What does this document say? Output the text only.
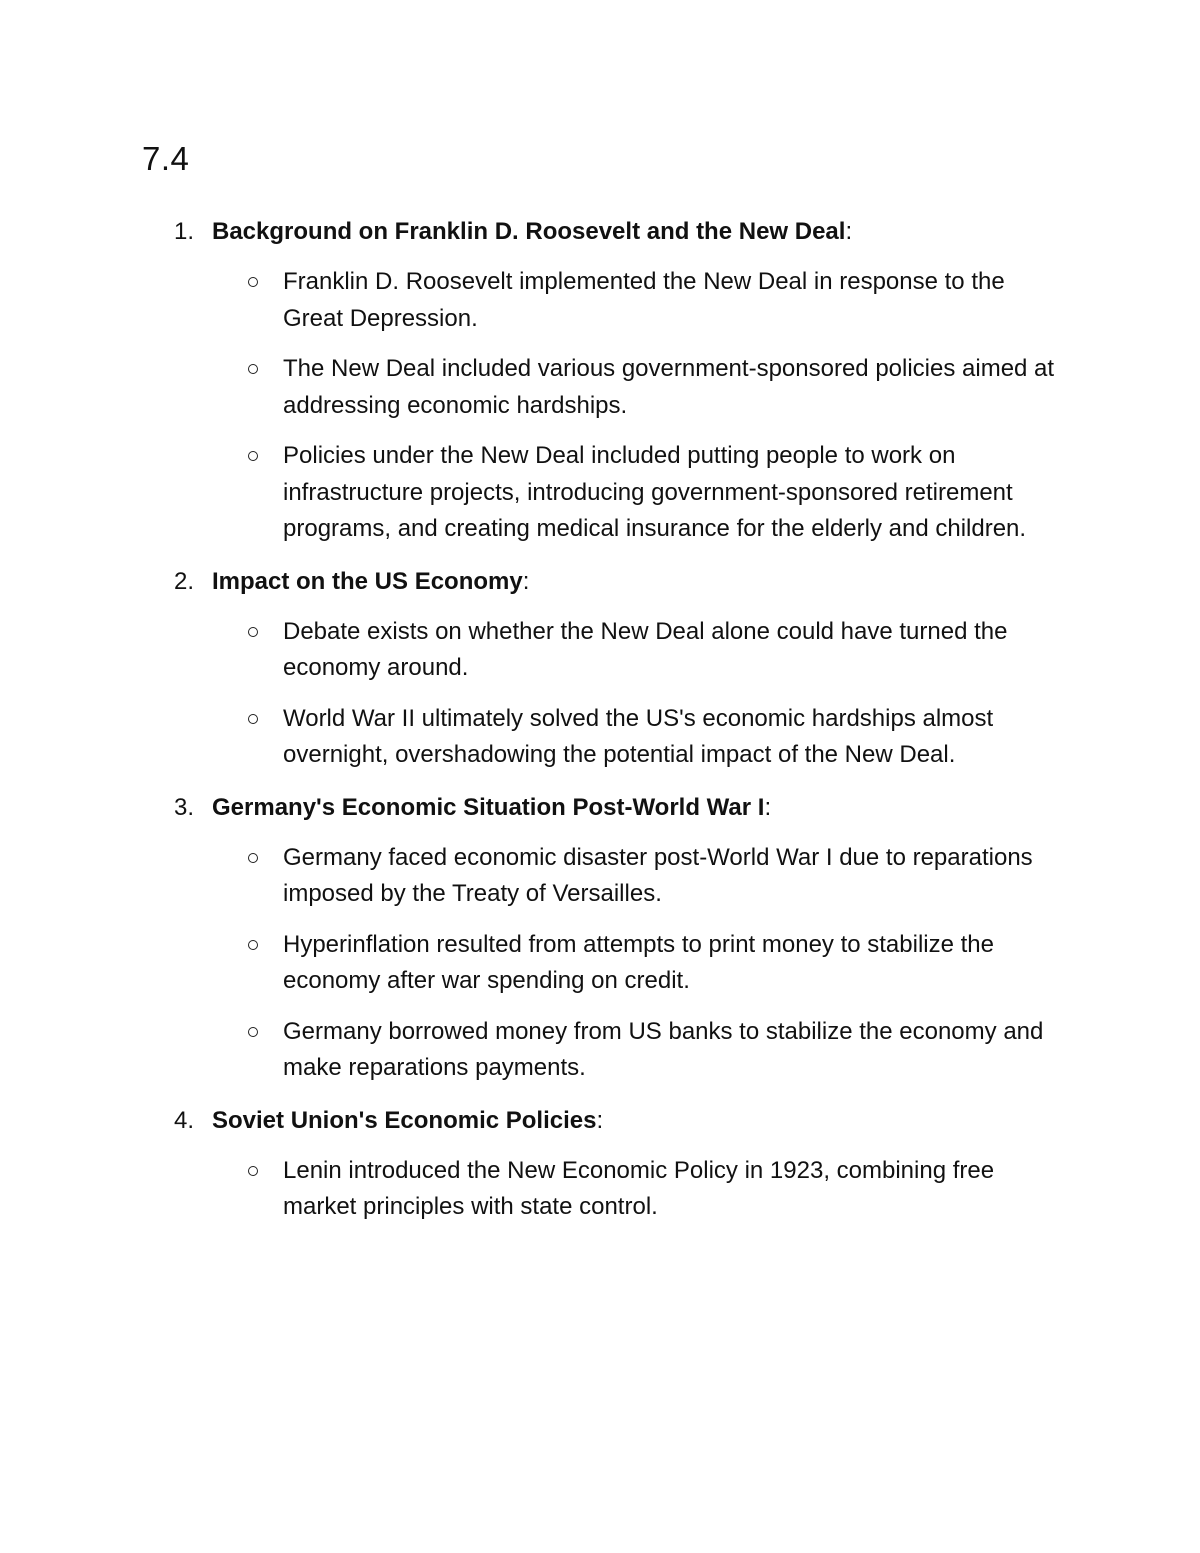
7.4
1. Background on Franklin D. Roosevelt and the New Deal:
Franklin D. Roosevelt implemented the New Deal in response to the Great Depression.
The New Deal included various government-sponsored policies aimed at addressing economic hardships.
Policies under the New Deal included putting people to work on infrastructure projects, introducing government-sponsored retirement programs, and creating medical insurance for the elderly and children.
2. Impact on the US Economy:
Debate exists on whether the New Deal alone could have turned the economy around.
World War II ultimately solved the US's economic hardships almost overnight, overshadowing the potential impact of the New Deal.
3. Germany's Economic Situation Post-World War I:
Germany faced economic disaster post-World War I due to reparations imposed by the Treaty of Versailles.
Hyperinflation resulted from attempts to print money to stabilize the economy after war spending on credit.
Germany borrowed money from US banks to stabilize the economy and make reparations payments.
4. Soviet Union's Economic Policies:
Lenin introduced the New Economic Policy in 1923, combining free market principles with state control.
